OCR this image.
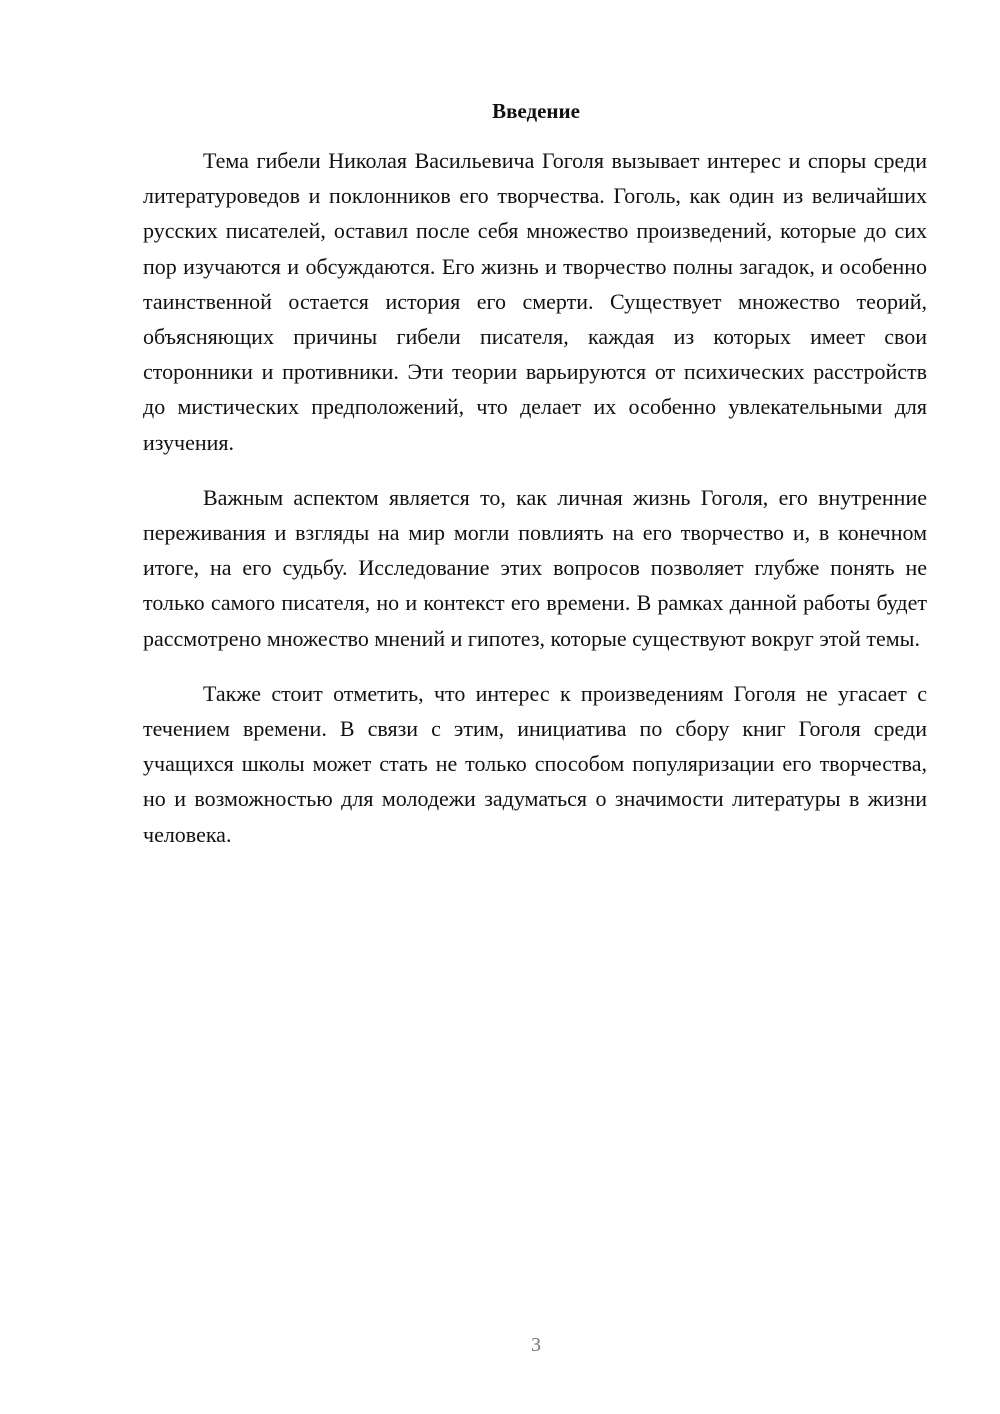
Введение

Тема гибели Николая Васильевича Гоголя вызывает интерес и споры среди литературоведов и поклонников его творчества. Гоголь, как один из величайших русских писателей, оставил после себя множество произведений, которые до сих пор изучаются и обсуждаются. Его жизнь и творчество полны загадок, и особенно таинственной остается история его смерти. Существует множество теорий, объясняющих причины гибели писателя, каждая из которых имеет свои сторонники и противники. Эти теории варьируются от психических расстройств до мистических предположений, что делает их особенно увлекательными для изучения.

Важным аспектом является то, как личная жизнь Гоголя, его внутренние переживания и взгляды на мир могли повлиять на его творчество и, в конечном итоге, на его судьбу. Исследование этих вопросов позволяет глубже понять не только самого писателя, но и контекст его времени. В рамках данной работы будет рассмотрено множество мнений и гипотез, которые существуют вокруг этой темы.

Также стоит отметить, что интерес к произведениям Гоголя не угасает с течением времени. В связи с этим, инициатива по сбору книг Гоголя среди учащихся школы может стать не только способом популяризации его творчества, но и возможностью для молодежи задуматься о значимости литературы в жизни человека.

3
